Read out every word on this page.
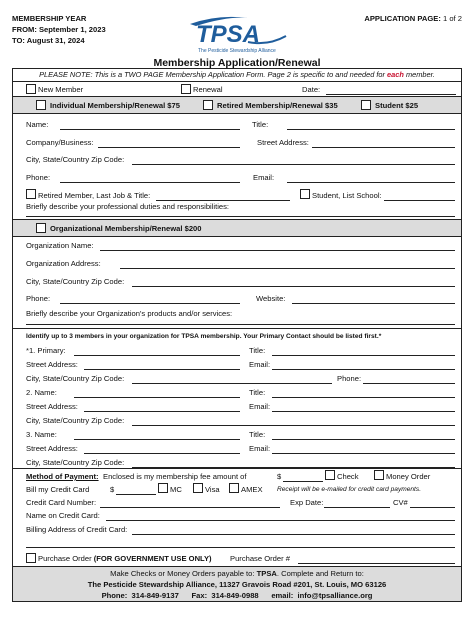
MEMBERSHIP YEAR
FROM: September 1, 2023
TO: August 31, 2024
APPLICATION PAGE: 1 of 2
TPSA
The Pesticide Stewardship Alliance
Membership Application/Renewal
PLEASE NOTE: This is a TWO PAGE Membership Application Form. Page 2 is specific to and needed for each member.
New Member	Renewal	Date:
Individual Membership/Renewal $75	Retired Membership/Renewal $35	Student $25
Name:	Title:
Company/Business:	Street Address:
City, State/Country Zip Code:
Phone:	Email:
Retired Member, Last Job & Title:	Student, List School:
Briefly describe your professional duties and responsibilities:
Organizational Membership/Renewal $200
Organization Name:
Organization Address:
City, State/Country Zip Code:
Phone:	Website:
Briefly describe your Organization's products and/or services:
Identify up to 3 members in your organization for TPSA membership. Your Primary Contact should be listed first.*
*1. Primary:	Title:
Street Address:	Email:
City, State/Country Zip Code:	Phone:
2. Name:	Title:
Street Address:	Email:
City, State/Country Zip Code:
3. Name:	Title:
Street Address:	Email:
City, State/Country Zip Code:
Method of Payment: Enclosed is my membership fee amount of	$	Check	Money Order
Bill my Credit Card	$	MC	Visa	AMEX Receipt will be e-mailed for credit card payments.
Credit Card Number:	Exp Date:	CV#
Name on Credit Card:
Billing Address of Credit Card:
Purchase Order (FOR GOVERNMENT USE ONLY) Purchase Order #
Make Checks or Money Orders payable to: TPSA. Complete and Return to:
The Pesticide Stewardship Alliance, 11327 Gravois Road #201, St. Louis, MO 63126
Phone: 314-849-9137 Fax: 314-849-0988 email: info@tpsalliance.org
